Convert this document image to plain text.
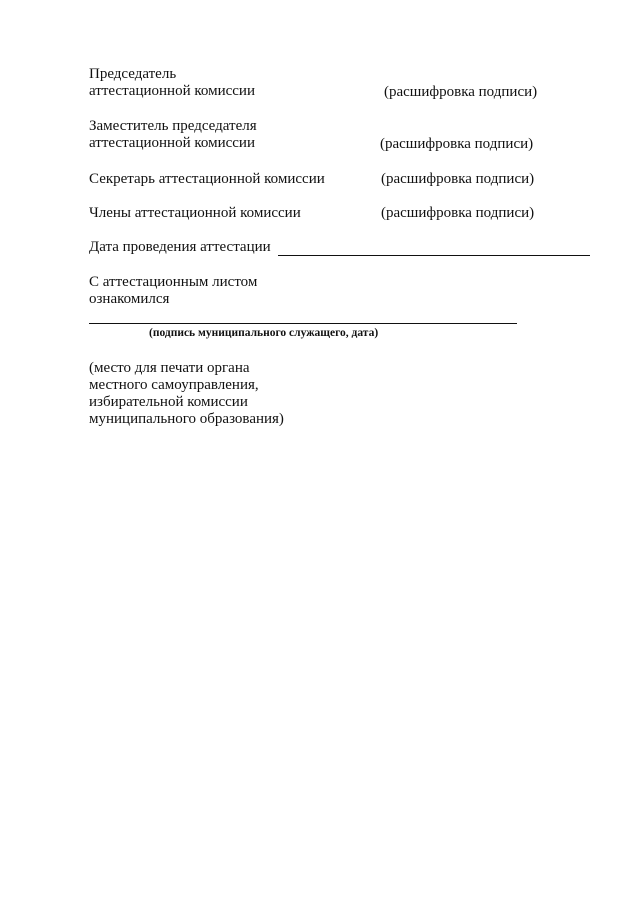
Председатель
аттестационной комиссии	(расшифровка подписи)
Заместитель председателя
аттестационной комиссии	(расшифровка подписи)
Секретарь аттестационной комиссии	(расшифровка подписи)
Члены аттестационной комиссии	(расшифровка подписи)
Дата проведения аттестации
С аттестационным листом
ознакомился
(подпись муниципального служащего, дата)
(место для печати органа
местного самоуправления,
избирательной комиссии
муниципального образования)
